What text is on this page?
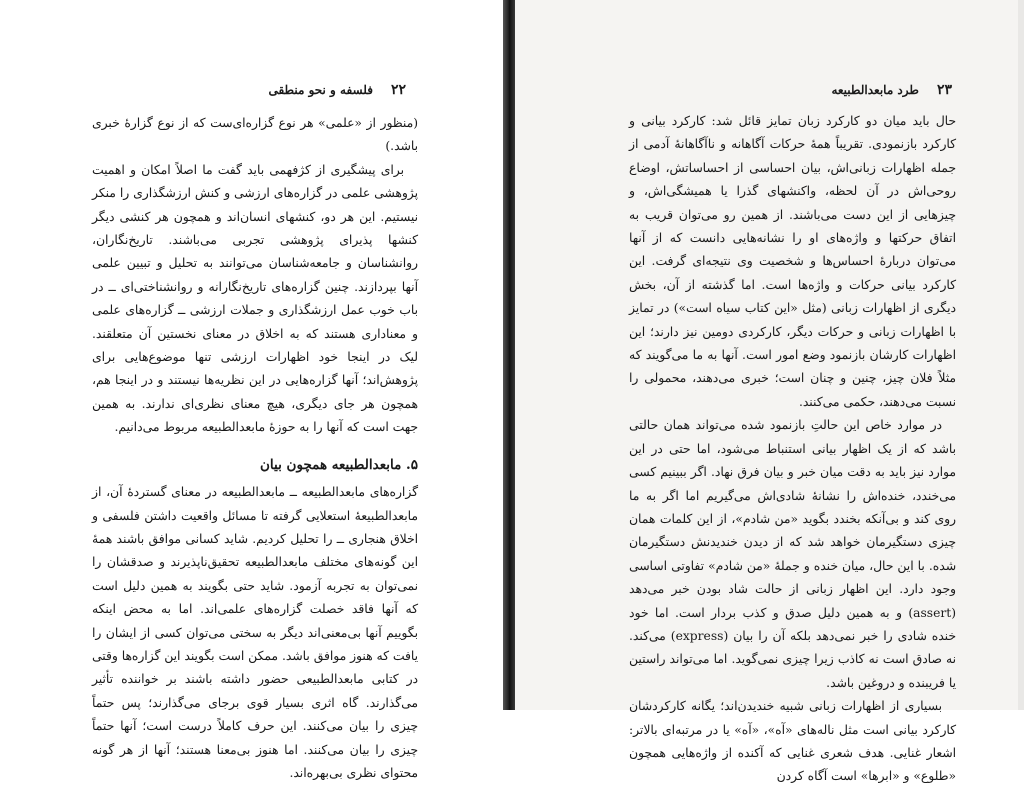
۲۲
فلسفه و نحو منطقی

(منظور از «علمی» هر نوع گزاره‌ای‌ست که از نوع گزارهٔ خبری باشد.)

برای پیشگیری از کژفهمی باید گفت ما اصلاً امکان و اهمیت پژوهشی علمی در گزاره‌های ارزشی و کنش ارزشگذاری را منکر نیستیم. این هر دو، کنشهای انسان‌اند و همچون هر کنشی دیگر کنشها پذیرای پژوهشی تجربی می‌باشند. تاریخ‌نگاران، روانشناسان و جامعه‌شناسان می‌توانند به تحلیل و تبیین علمی آنها بپردازند. چنین گزاره‌های تاریخ‌نگارانه و روانشناختی‌ای ــ در باب خوب عمل ارزشگذاری و جملات ارزشی ــ گزاره‌های علمی و معناداری هستند که به اخلاق در معنای نخستین آن متعلقند. لیک در اینجا خود اظهارات ارزشی تنها موضوع‌هایی برای پژوهش‌اند؛ آنها گزاره‌هایی در این نظریه‌ها نیستند و در اینجا هم، همچون هر جای دیگری، هیچ معنای نظری‌ای ندارند. به همین جهت است که آنها را به حوزهٔ مابعدالطبیعه مربوط می‌دانیم.

۵. مابعدالطبیعه همچون بیان

گزاره‌های مابعدالطبیعه ــ مابعدالطبیعه در معنای گستردهٔ آن، از مابعدالطبیعهٔ استعلایی گرفته تا مسائل واقعیت داشتن فلسفی و اخلاق هنجاری ــ را تحلیل کردیم. شاید کسانی موافق باشند همهٔ این گونه‌های مختلف مابعدالطبیعه تحقیق‌ناپذیرند و صدقشان را نمی‌توان به تجربه آزمود. شاید حتی بگویند به همین دلیل است که آنها فاقد خصلت گزاره‌های علمی‌اند. اما به محض اینکه بگوییم آنها بی‌معنی‌اند دیگر به سختی می‌توان کسی از ایشان را یافت که هنوز موافق باشد. ممکن است بگویند این گزاره‌ها وقتی در کتابی مابعدالطبیعی حضور داشته باشند بر خواننده تأثیر می‌گذارند. گاه اثری بسیار قوی برجای می‌گذارند؛ پس حتماً چیزی را بیان می‌کنند. این حرف کاملاً درست است؛ آنها حتماً چیزی را بیان می‌کنند. اما هنوز بی‌معنا هستند؛ آنها از هر گونه محتوای نظری بی‌بهره‌اند.

۲۳
طرد مابعدالطبیعه

حال باید میان دو کارکرد زبان تمایز قائل شد: کارکرد بیانی و کارکرد بازنمودی. تقریباً همهٔ حرکات آگاهانه و ناآگاهانهٔ آدمی از جمله اظهارات زبانی‌اش، بیان احساسی از احساساتش، اوضاع روحی‌اش در آن لحظه، واکنشهای گذرا یا همیشگی‌اش، و چیزهایی از این دست می‌باشند. از همین رو می‌توان قریب به اتفاق حرکتها و واژه‌های او را نشانه‌هایی دانست که از آنها می‌توان دربارهٔ احساس‌ها و شخصیت وی نتیجه‌ای گرفت. این کارکرد بیانی حرکات و واژه‌ها است. اما گذشته از آن، بخش دیگری از اظهارات زبانی (مثل «این کتاب سیاه است») در تمایز با اظهارات زبانی و حرکات دیگر، کارکردی دومین نیز دارند؛ این اظهارات کارشان بازنمود وضع امور است. آنها به ما می‌گویند که مثلاً فلان چیز، چنین و چنان است؛ خبری می‌دهند، محمولی را نسبت می‌دهند، حکمی می‌کنند.

در موارد خاص این حالتِ بازنمود شده می‌تواند همان حالتی باشد که از یک اظهار بیانی استنباط می‌شود، اما حتی در این موارد نیز باید به دقت میان خبر و بیان فرق نهاد. اگر ببینیم کسی می‌خندد، خنده‌اش را نشانهٔ شادی‌اش می‌گیریم اما اگر به ما روی کند و بی‌آنکه بخندد بگوید «من شادم»، از این کلمات همان چیزی دستگیرمان خواهد شد که از دیدن خندیدنش دستگیرمان شده. با این حال، میان خنده و جملهٔ «من شادم» تفاوتی اساسی وجود دارد. این اظهار زبانی از حالت شاد بودن خبر می‌دهد (assert) و به همین دلیل صدق و کذب بردار است. اما خود خنده شادی را خبر نمی‌دهد بلکه آن را بیان (express) می‌کند. نه صادق است نه کاذب زیرا چیزی نمی‌گوید. اما می‌تواند راستین یا فریبنده و دروغین باشد.

بسیاری از اظهارات زبانی شبیه خندیدن‌اند؛ یگانه کارکردشان کارکرد بیانی است مثل ناله‌های «آه»، «آه» یا در مرتبه‌ای بالاتر: اشعار غنایی. هدف شعری غنایی که آکنده از واژه‌هایی همچون «طلوع» و «ابرها» است آگاه کردن
